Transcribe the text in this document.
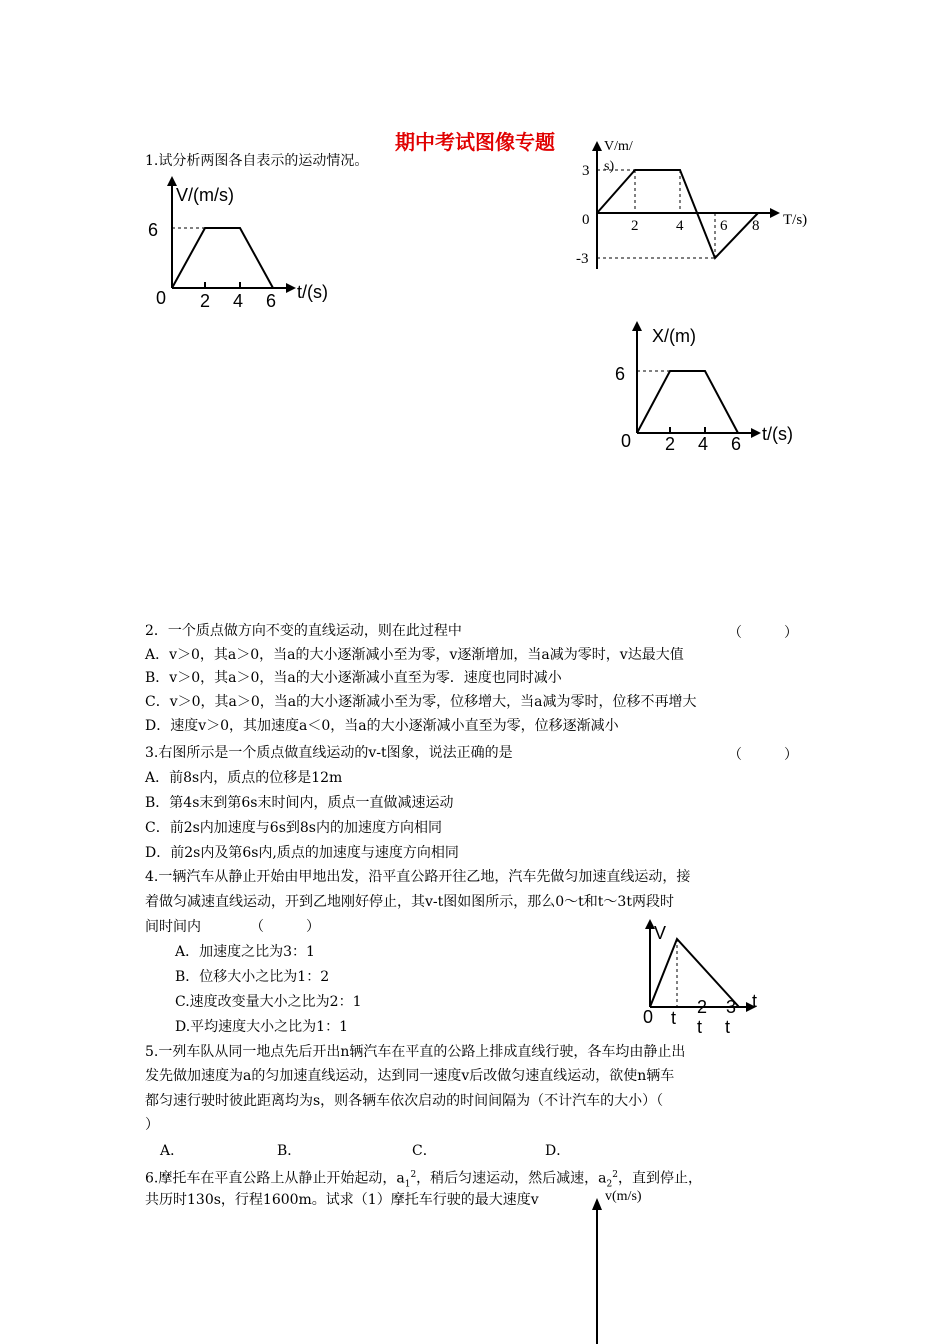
期中考试图像专题
1.试分析两图各自表示的运动情况。
V/(m/s)
6
0 2 4 6 t/(s)
V/m/
s)
3
0
-3
2	4 6 8 T/s)
X/(m)
6
0 2 4 6 t/(s)
2．一个质点做方向不变的直线运动，则在此过程中	（　　　）
A．v＞0，其a＞0，当a的大小逐渐减小至为零，v逐渐增加，当a减为零时，v达最大值
B．v＞0，其a＞0，当a的大小逐渐减小直至为零．速度也同时减小
C．v＞0，其a＞0，当a的大小逐渐减小至为零，位移增大，当a减为零时，位移不再增大
D．速度v＞0，其加速度a＜0，当a的大小逐渐减小直至为零，位移逐渐减小
3.右图所示是一个质点做直线运动的v-t图象，说法正确的是	（　　　）
A．前8s内，质点的位移是12m
B．第4s末到第6s末时间内，质点一直做减速运动
C．前2s内加速度与6s到8s内的加速度方向相同
D．前2s内及第6s内,质点的加速度与速度方向相同
4.一辆汽车从静止开始由甲地出发，沿平直公路开往乙地，汽车先做匀加速直线运动，接
着做匀减速直线运动，开到乙地刚好停止，其v-t图如图所示，那么0～t和t～3t两段时
间时间内　　　　（　　　）
A．加速度之比为3：1
B．位移大小之比为1：2
C.速度改变量大小之比为2：1
D.平均速度大小之比为1：1
V
0 t
2
t
3
t
t
5.一列车队从同一地点先后开出n辆汽车在平直的公路上排成直线行驶，各车均由静止出
发先做加速度为a的匀加速直线运动，达到同一速度v后改做匀速直线运动，欲使n辆车
都匀速行驶时彼此距离均为s，则各辆车依次启动的时间间隔为（不计汽车的大小）（
）
A．	B．	C．	D．
6.摩托车在平直公路上从静止开始起动，$a_1^2$，稍后匀速运动，然后减速，$a_2^2$，直到停止，
共历时130s，行程1600m。试求（1）摩托车行驶的最大速度v	v(m/s)
